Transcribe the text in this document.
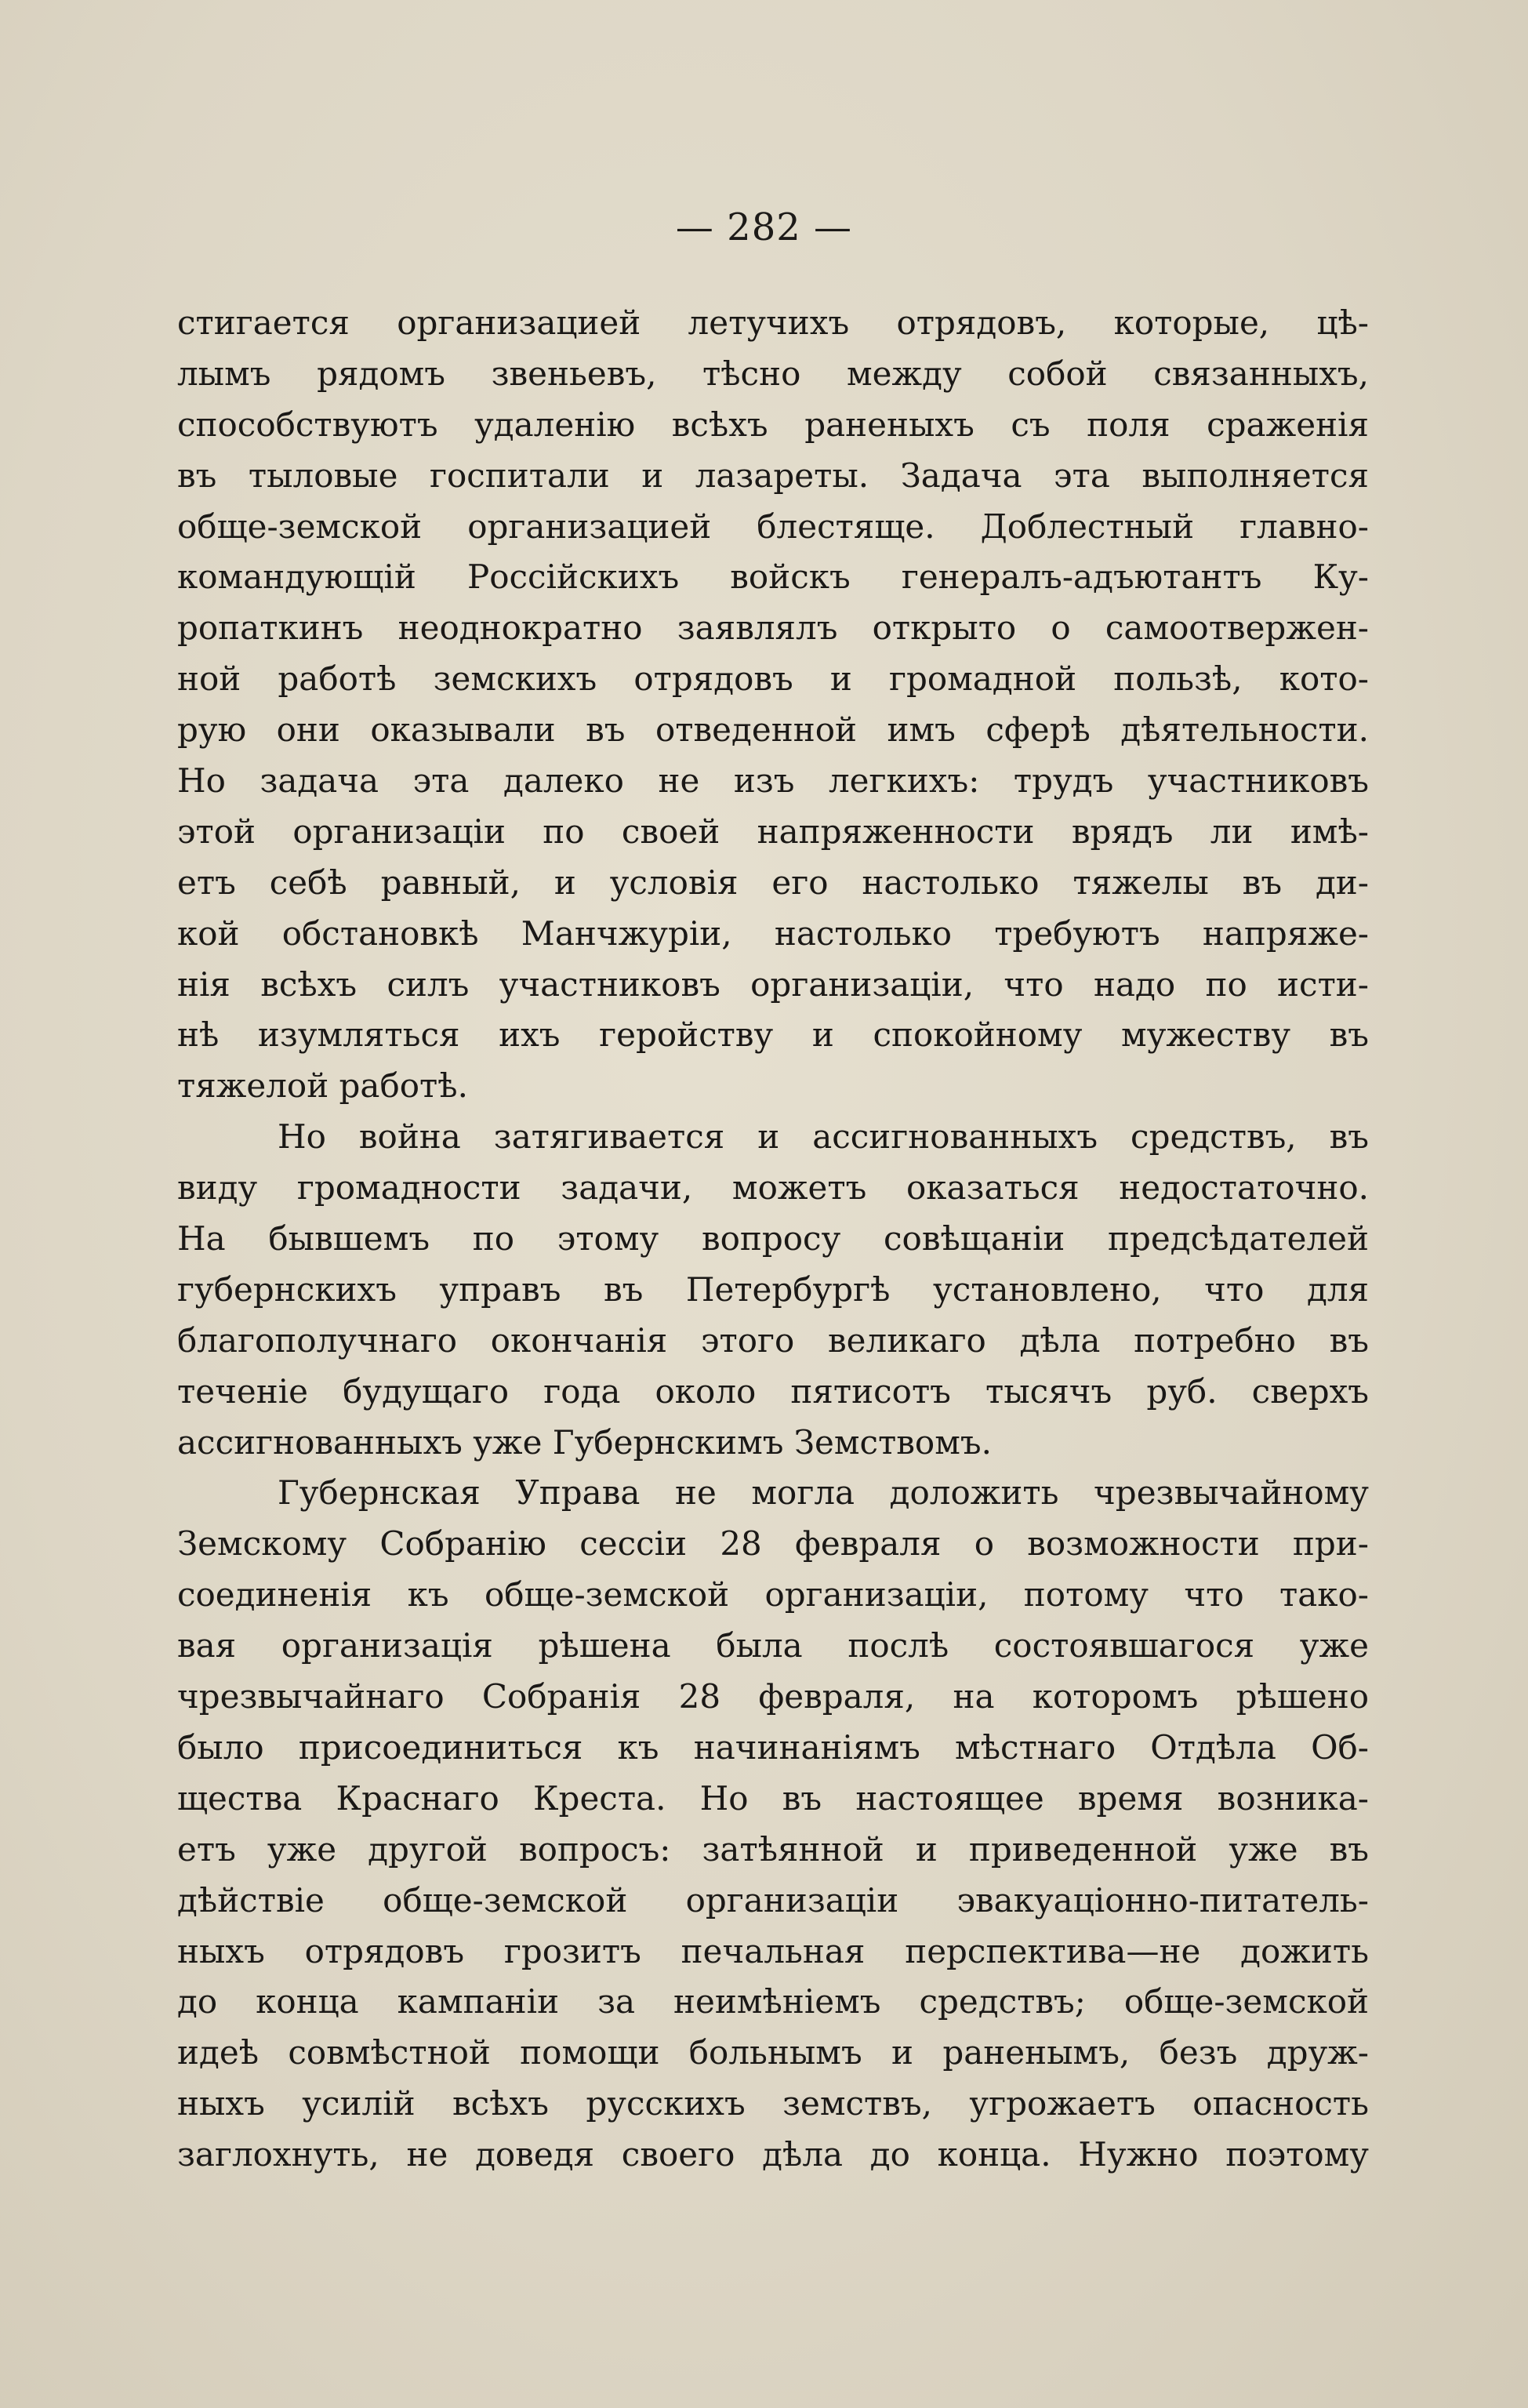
— 282 —
стигается организацией летучихъ отрядовъ, которые, цѣ-
лымъ рядомъ звеньевъ, тѣсно между собой связанныхъ,
способствуютъ удаленію всѣхъ раненыхъ съ поля сраженія
въ тыловые госпитали и лазареты. Задача эта выполняется
обще-земской организацией блестяще. Доблестный главно-
командующій Россійскихъ войскъ генералъ-адъютантъ Ку-
ропаткинъ неоднократно заявлялъ открыто о самоотвержен-
ной работѣ земскихъ отрядовъ и громадной пользѣ, кото-
рую они оказывали въ отведенной имъ сферѣ дѣятельности.
Но задача эта далеко не изъ легкихъ: трудъ участниковъ
этой организаціи по своей напряженности врядъ ли имѣ-
етъ себѣ равный, и условія его настолько тяжелы въ ди-
кой обстановкѣ Манчжуріи, настолько требуютъ напряже-
нія всѣхъ силъ участниковъ организаціи, что надо по исти-
нѣ изумляться ихъ геройству и спокойному мужеству въ
тяжелой работѣ.
Но война затягивается и ассигнованныхъ средствъ, въ
виду громадности задачи, можетъ оказаться недостаточно.
На бывшемъ по этому вопросу совѣщаніи предсѣдателей
губернскихъ управъ въ Петербургѣ установлено, что для
благополучнаго окончанія этого великаго дѣла потребно въ
теченіе будущаго года около пятисотъ тысячъ руб. сверхъ
ассигнованныхъ уже Губернскимъ Земствомъ.
Губернская Управа не могла доложить чрезвычайному
Земскому Собранію сессіи 28 февраля о возможности при-
соединенія къ обще-земской организаціи, потому что тако-
вая организація рѣшена была послѣ состоявшагося уже
чрезвычайнаго Собранія 28 февраля, на которомъ рѣшено
было присоединиться къ начинаніямъ мѣстнаго Отдѣла Об-
щества Краснаго Креста. Но въ настоящее время возника-
етъ уже другой вопросъ: затѣянной и приведенной уже въ
дѣйствіе обще-земской организаціи эвакуаціонно-питатель-
ныхъ отрядовъ грозитъ печальная перспектива—не дожить
до конца кампаніи за неимѣніемъ средствъ; обще-земской
идеѣ совмѣстной помощи больнымъ и раненымъ, безъ друж-
ныхъ усилій всѣхъ русскихъ земствъ, угрожаетъ опасность
заглохнуть, не доведя своего дѣла до конца. Нужно поэтому
